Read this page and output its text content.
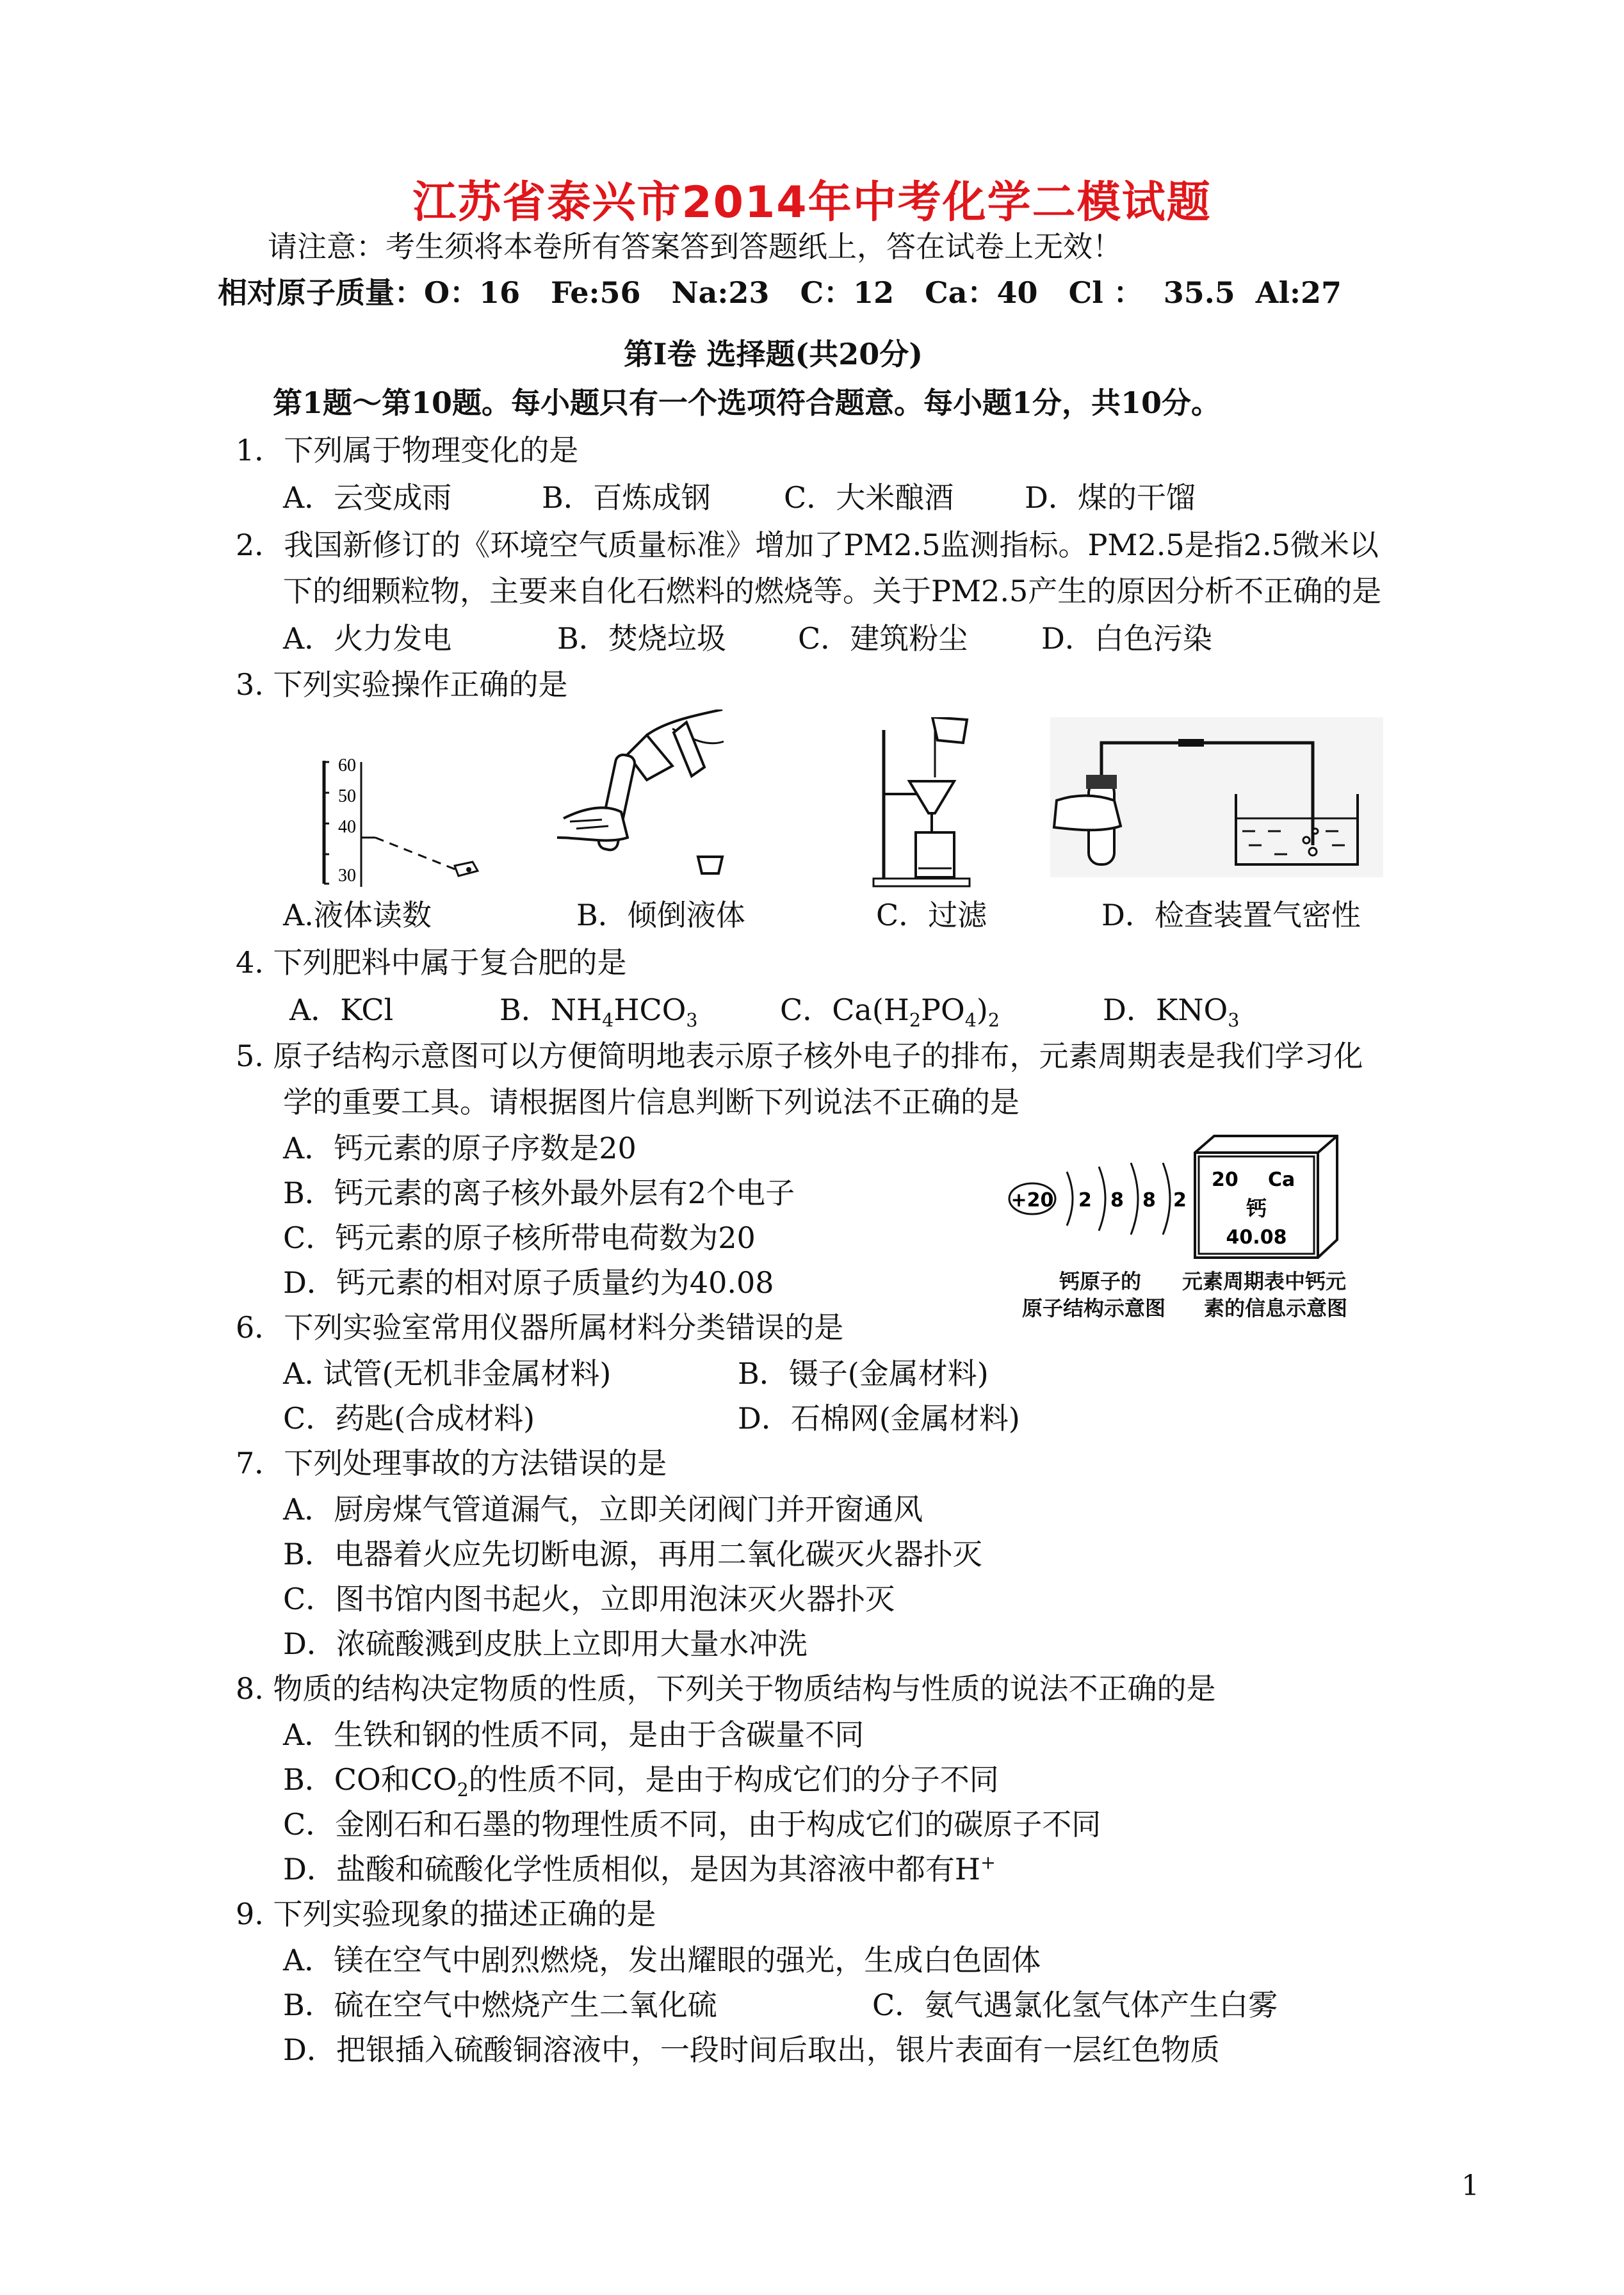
江苏省泰兴市2014年中考化学二模试题
请注意：考生须将本卷所有答案答到答题纸上，答在试卷上无效！
相对原子质量：O：16   Fe:56   Na:23   C：12   Ca：40   Cl ：  35.5  Al:27
第Ⅰ卷 选择题(共20分)
第1题～第10题。每小题只有一个选项符合题意。每小题1分，共10分。
1．下列属于物理变化的是
A．云变成雨	B．百炼成钢 C．大米酿酒 D．煤的干馏
2．我国新修订的《环境空气质量标准》增加了PM2.5监测指标。PM2.5是指2.5微米以
下的细颗粒物，主要来自化石燃料的燃烧等。关于PM2.5产生的原因分析不正确的是
A．火力发电	B．焚烧垃圾 C．建筑粉尘 D．白色污染
3. 下列实验操作正确的是
60
50
40
30
A.液体读数	B．倾倒液体	C．过滤	D．检查装置气密性
4. 下列肥料中属于复合肥的是
A．KCl	B．$NH_4HCO_3$	C．$Ca(H_2PO_4)_2$	D．$KNO_3$
5. 原子结构示意图可以方便简明地表示原子核外电子的排布，元素周期表是我们学习化
学的重要工具。请根据图片信息判断下列说法不正确的是
A．钙元素的原子序数是20
B．钙元素的离子核外最外层有2个电子
C．钙元素的原子核所带电荷数为20
D．钙元素的相对原子质量约为40.08
+20 2 8 8 2
钙原子的
原子结构示意图
20 Ca
钙
40.08
元素周期表中钙元
素的信息示意图
6．下列实验室常用仪器所属材料分类错误的是
A. 试管(无机非金属材料)	B．镊子(金属材料)
C．药匙(合成材料)	D．石棉网(金属材料)
7．下列处理事故的方法错误的是
A．厨房煤气管道漏气，立即关闭阀门并开窗通风
B．电器着火应先切断电源，再用二氧化碳灭火器扑灭
C．图书馆内图书起火，立即用泡沫灭火器扑灭
D．浓硫酸溅到皮肤上立即用大量水冲洗
8. 物质的结构决定物质的性质，下列关于物质结构与性质的说法不正确的是
A．生铁和钢的性质不同，是由于含碳量不同
B．CO和$CO_2$的性质不同，是由于构成它们的分子不同
C．金刚石和石墨的物理性质不同，由于构成它们的碳原子不同
D．盐酸和硫酸化学性质相似，是因为其溶液中都有H+
9. 下列实验现象的描述正确的是
A．镁在空气中剧烈燃烧，发出耀眼的强光，生成白色固体
B．硫在空气中燃烧产生二氧化硫	C．氨气遇氯化氢气体产生白雾
D．把银插入硫酸铜溶液中，一段时间后取出，银片表面有一层红色物质
1
